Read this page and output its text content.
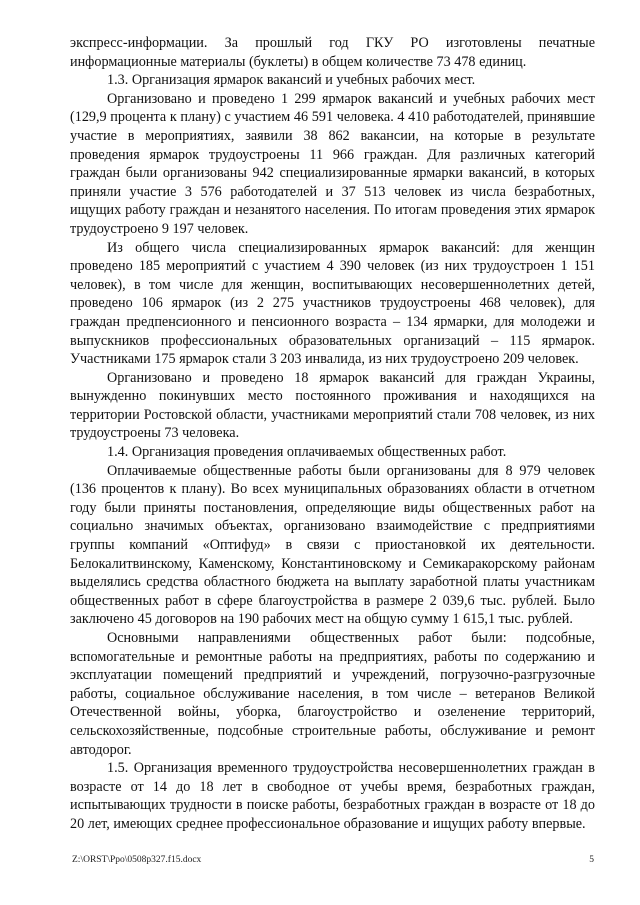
экспресс-информации. За прошлый год ГКУ РО изготовлены печатные информационные материалы (буклеты) в общем количестве 73 478 единиц.

1.3. Организация ярмарок вакансий и учебных рабочих мест.

Организовано и проведено 1 299 ярмарок вакансий и учебных рабочих мест (129,9 процента к плану) с участием 46 591 человека. 4 410 работодателей, принявшие участие в мероприятиях, заявили 38 862 вакансии, на которые в результате проведения ярмарок трудоустроены 11 966 граждан. Для различных категорий граждан были организованы 942 специализированные ярмарки вакансий, в которых приняли участие 3 576 работодателей и 37 513 человек из числа безработных, ищущих работу граждан и незанятого населения. По итогам проведения этих ярмарок трудоустроено 9 197 человек.

Из общего числа специализированных ярмарок вакансий: для женщин проведено 185 мероприятий с участием 4 390 человек (из них трудоустроен 1 151 человек), в том числе для женщин, воспитывающих несовершеннолетних детей, проведено 106 ярмарок (из 2 275 участников трудоустроены 468 человек), для граждан предпенсионного и пенсионного возраста – 134 ярмарки, для молодежи и выпускников профессиональных образовательных организаций – 115 ярмарок. Участниками 175 ярмарок стали 3 203 инвалида, из них трудоустроено 209 человек.

Организовано и проведено 18 ярмарок вакансий для граждан Украины, вынужденно покинувших место постоянного проживания и находящихся на территории Ростовской области, участниками мероприятий стали 708 человек, из них трудоустроены 73 человека.

1.4. Организация проведения оплачиваемых общественных работ.

Оплачиваемые общественные работы были организованы для 8 979 человек (136 процентов к плану). Во всех муниципальных образованиях области в отчетном году были приняты постановления, определяющие виды общественных работ на социально значимых объектах, организовано взаимодействие с предприятиями группы компаний «Оптифуд» в связи с приостановкой их деятельности. Белокалитвинскому, Каменскому, Константиновскому и Семикаракорскому районам выделялись средства областного бюджета на выплату заработной платы участникам общественных работ в сфере благоустройства в размере 2 039,6 тыс. рублей. Было заключено 45 договоров на 190 рабочих мест на общую сумму 1 615,1 тыс. рублей.

Основными направлениями общественных работ были: подсобные, вспомогательные и ремонтные работы на предприятиях, работы по содержанию и эксплуатации помещений предприятий и учреждений, погрузочно-разгрузочные работы, социальное обслуживание населения, в том числе – ветеранов Великой Отечественной войны, уборка, благоустройство и озеленение территорий, сельскохозяйственные, подсобные строительные работы, обслуживание и ремонт автодорог.

1.5. Организация временного трудоустройства несовершеннолетних граждан в возрасте от 14 до 18 лет в свободное от учебы время, безработных граждан, испытывающих трудности в поиске работы, безработных граждан в возрасте от 18 до 20 лет, имеющих среднее профессиональное образование и ищущих работу впервые.

Z:\ORST\Ppo\0508p327.f15.docx	5
